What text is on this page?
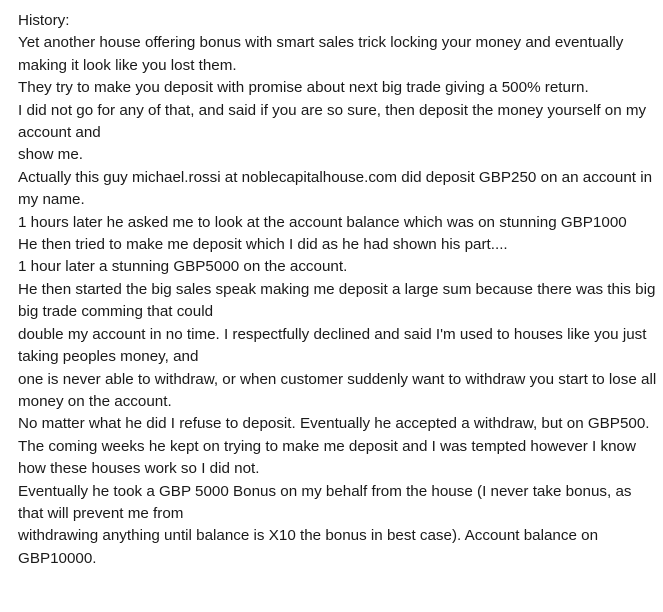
History:

Yet another house offering bonus with smart sales trick locking your money and eventually making it look like you lost them.

They try to make you deposit with promise about next big trade giving a 500% return.

I did not go for any of that, and said if you are so sure, then deposit the money yourself on my account and

show me.

Actually this guy michael.rossi at noblecapitalhouse.com did deposit GBP250 on an account in my name.

1 hours later he asked me to look at the account balance which was on stunning GBP1000

He then tried to make me deposit which I did as he had shown his part....

1 hour later a stunning GBP5000 on the account.

He then started the big sales speak making me deposit a large sum because there was this big big trade comming that could

double my account in no time. I respectfully declined and said I'm used to houses like you just taking peoples money, and

one is never able to withdraw, or when customer suddenly want to withdraw you start to lose all money on the account.

No matter what he did I refuse to deposit. Eventually he accepted a withdraw, but on GBP500.

The coming weeks he kept on trying to make me deposit and I was tempted however I know how these houses work so I did not.

Eventually he took a GBP 5000 Bonus on my behalf from the house (I never take bonus, as that will prevent me from

withdrawing anything until balance is X10 the bonus in best case). Account balance on GBP10000.
